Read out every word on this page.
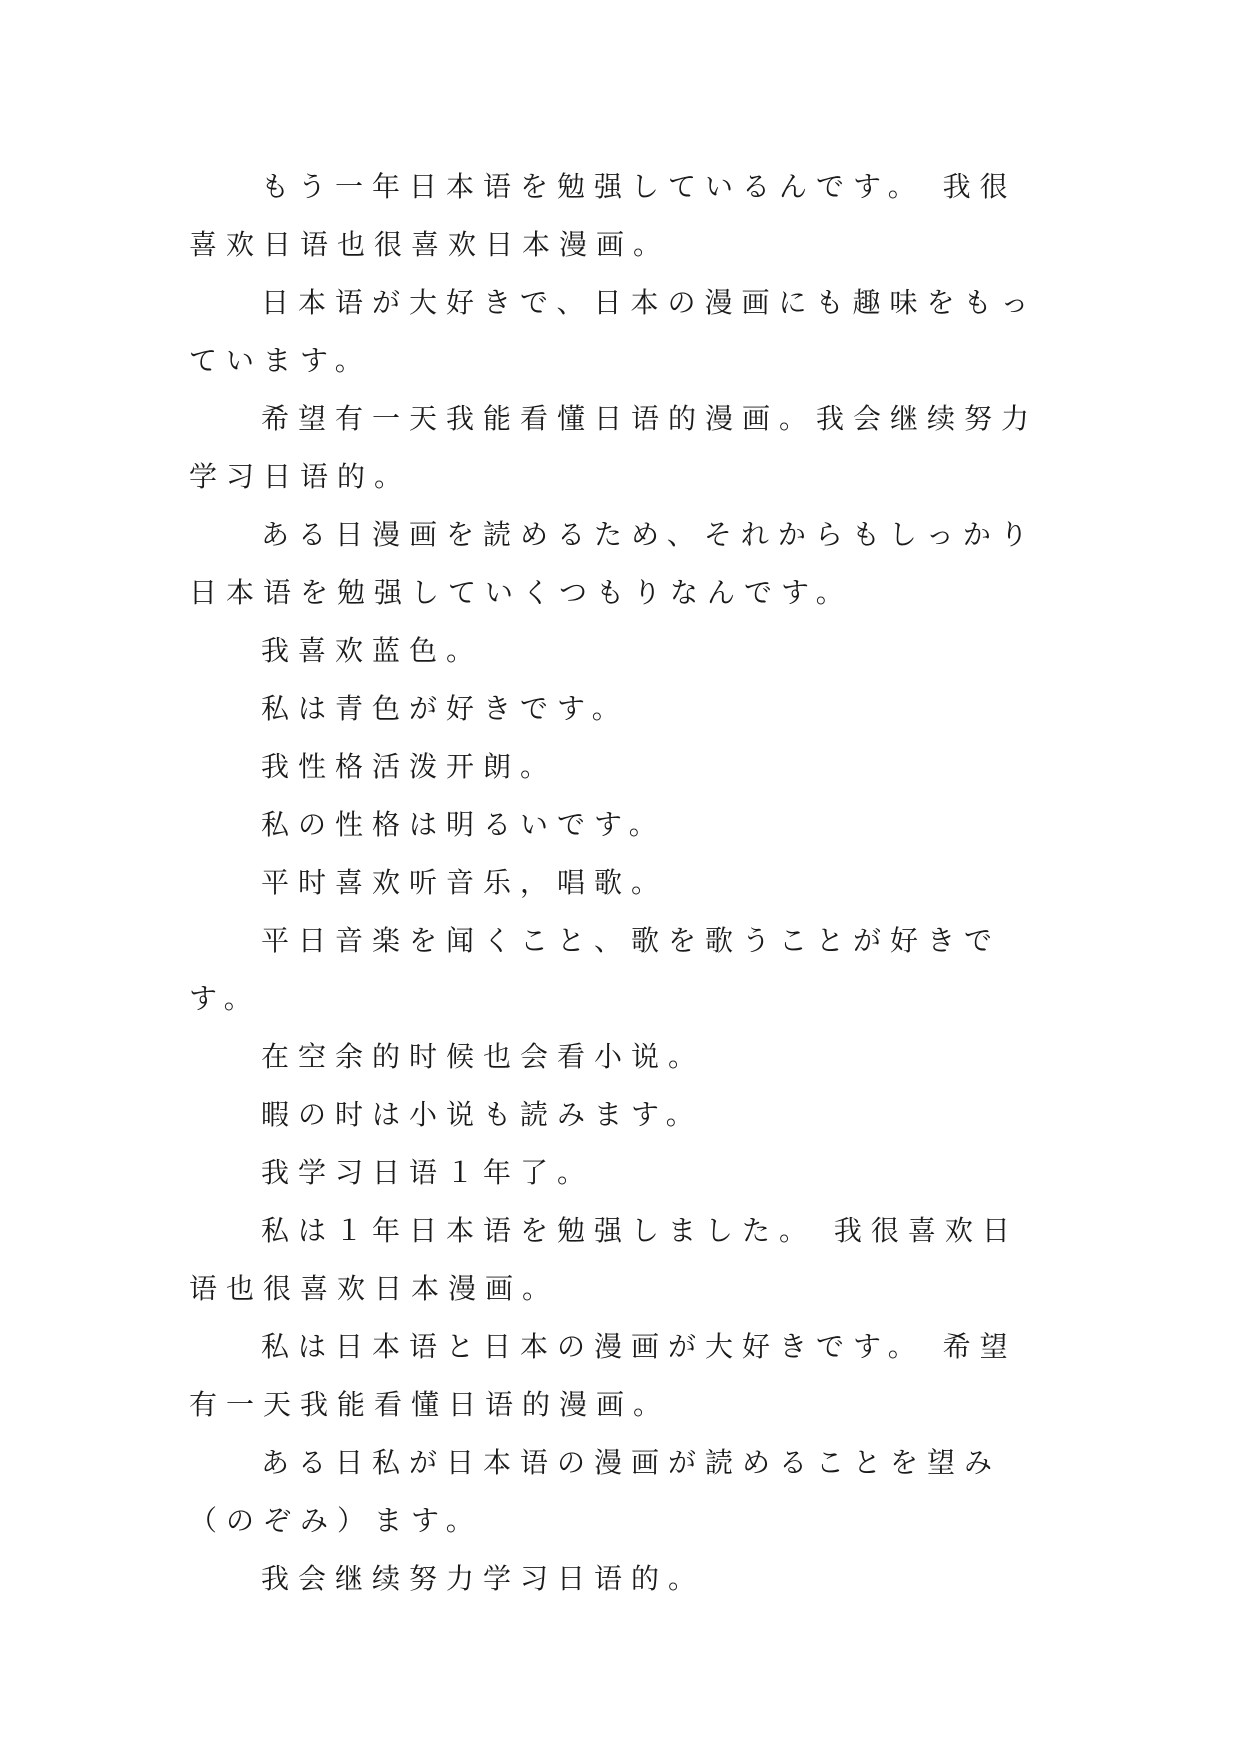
もう一年日本语を勉强しているんです。 我很喜欢日语也很喜欢日本漫画。

日本语が大好きで、日本の漫画にも趣味をもっています。

希望有一天我能看懂日语的漫画。我会继续努力学习日语的。

ある日漫画を読めるため、それからもしっかり日本语を勉强していくつもりなんです。

我喜欢蓝色。

私は青色が好きです。

我性格活泼开朗。

私の性格は明るいです。

平时喜欢听音乐，唱歌。

平日音楽を闻くこと、歌を歌うことが好きです。

在空余的时候也会看小说。

暇の时は小说も読みます。

我学习日语１年了。

私は１年日本语を勉强しました。 我很喜欢日语也很喜欢日本漫画。

私は日本语と日本の漫画が大好きです。 希望有一天我能看懂日语的漫画。

ある日私が日本语の漫画が読めることを望み（のぞみ）ます。

我会继续努力学习日语的。
